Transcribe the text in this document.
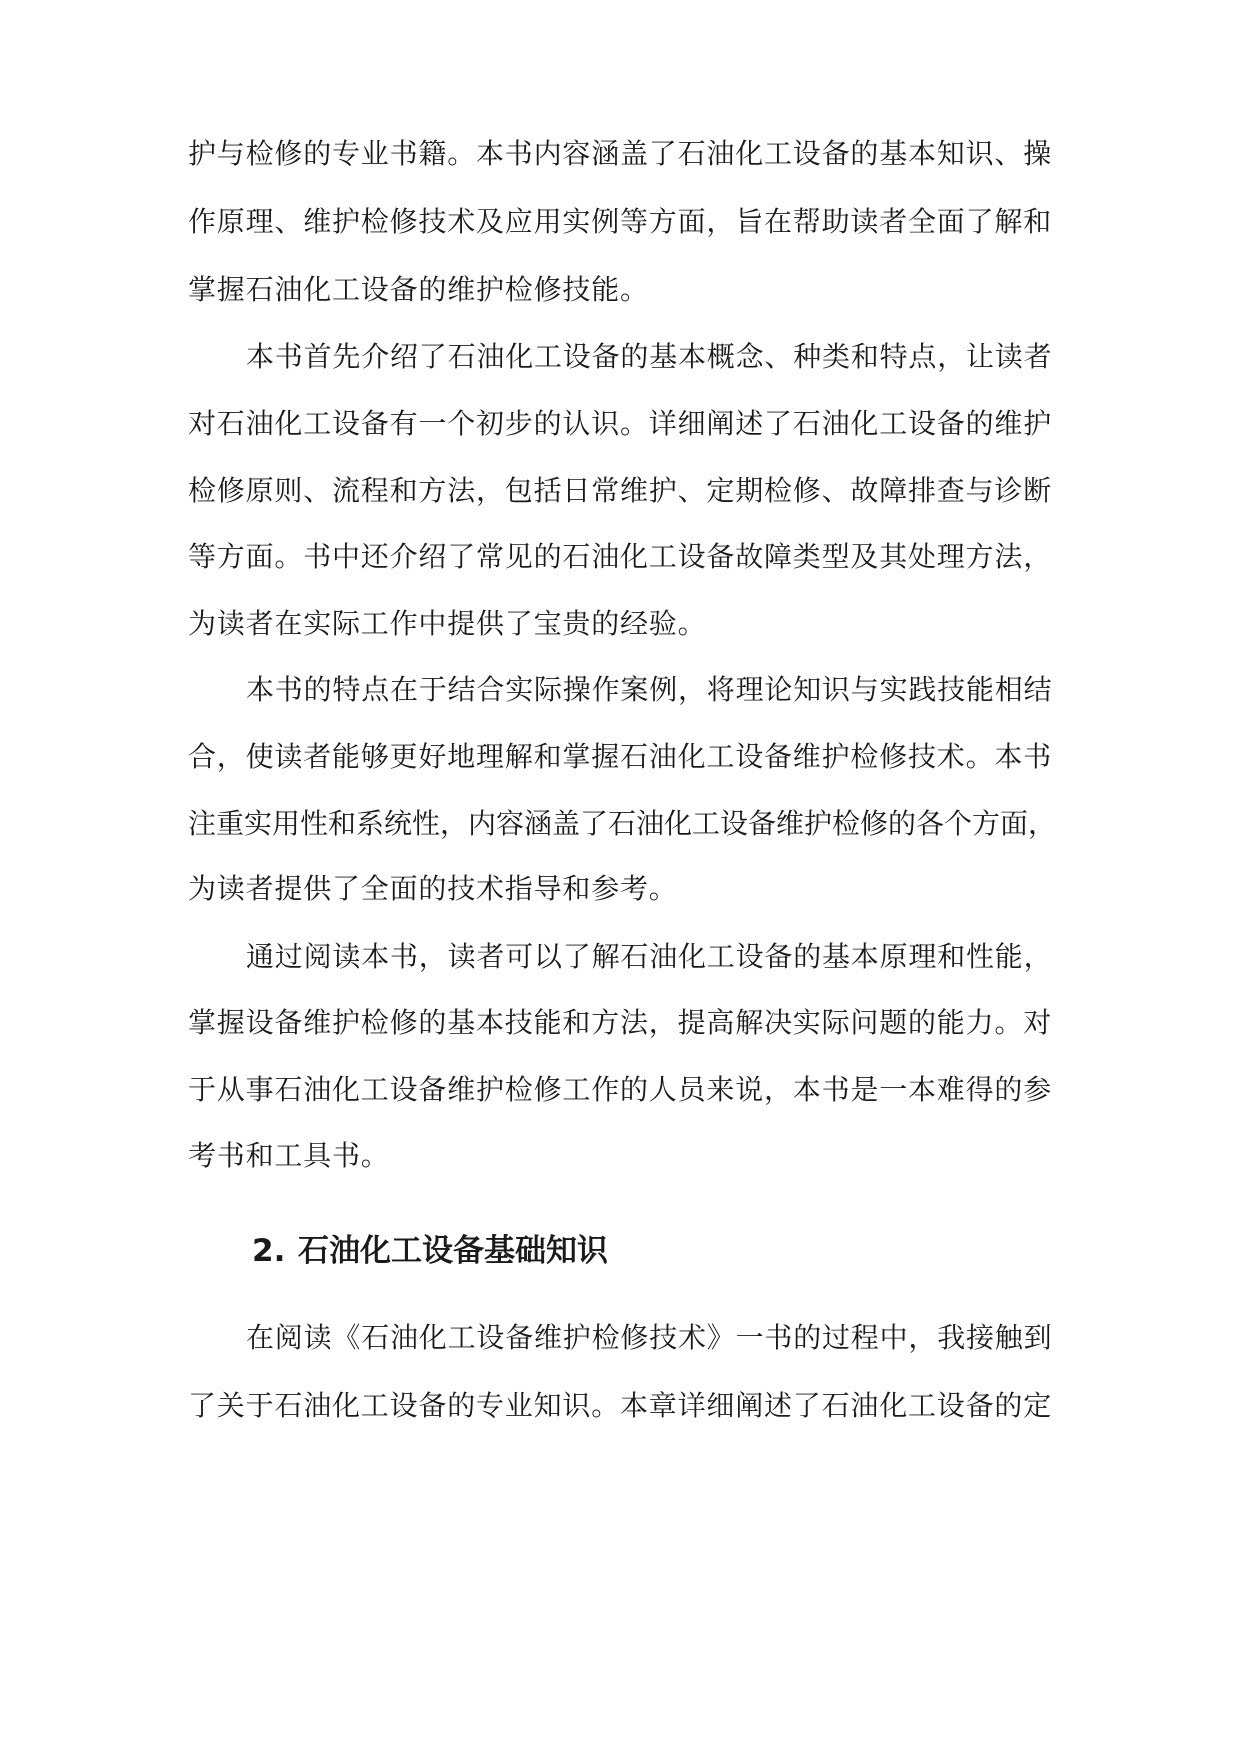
护与检修的专业书籍。本书内容涵盖了石油化工设备的基本知识、操
作原理、维护检修技术及应用实例等方面，旨在帮助读者全面了解和
掌握石油化工设备的维护检修技能。
本书首先介绍了石油化工设备的基本概念、种类和特点，让读者
对石油化工设备有一个初步的认识。详细阐述了石油化工设备的维护
检修原则、流程和方法，包括日常维护、定期检修、故障排查与诊断
等方面。书中还介绍了常见的石油化工设备故障类型及其处理方法，
为读者在实际工作中提供了宝贵的经验。
本书的特点在于结合实际操作案例，将理论知识与实践技能相结
合，使读者能够更好地理解和掌握石油化工设备维护检修技术。本书
注重实用性和系统性，内容涵盖了石油化工设备维护检修的各个方面，
为读者提供了全面的技术指导和参考。
通过阅读本书，读者可以了解石油化工设备的基本原理和性能，
掌握设备维护检修的基本技能和方法，提高解决实际问题的能力。对
于从事石油化工设备维护检修工作的人员来说，本书是一本难得的参
考书和工具书。
2. 石油化工设备基础知识
在阅读《石油化工设备维护检修技术》一书的过程中，我接触到
了关于石油化工设备的专业知识。本章详细阐述了石油化工设备的定
